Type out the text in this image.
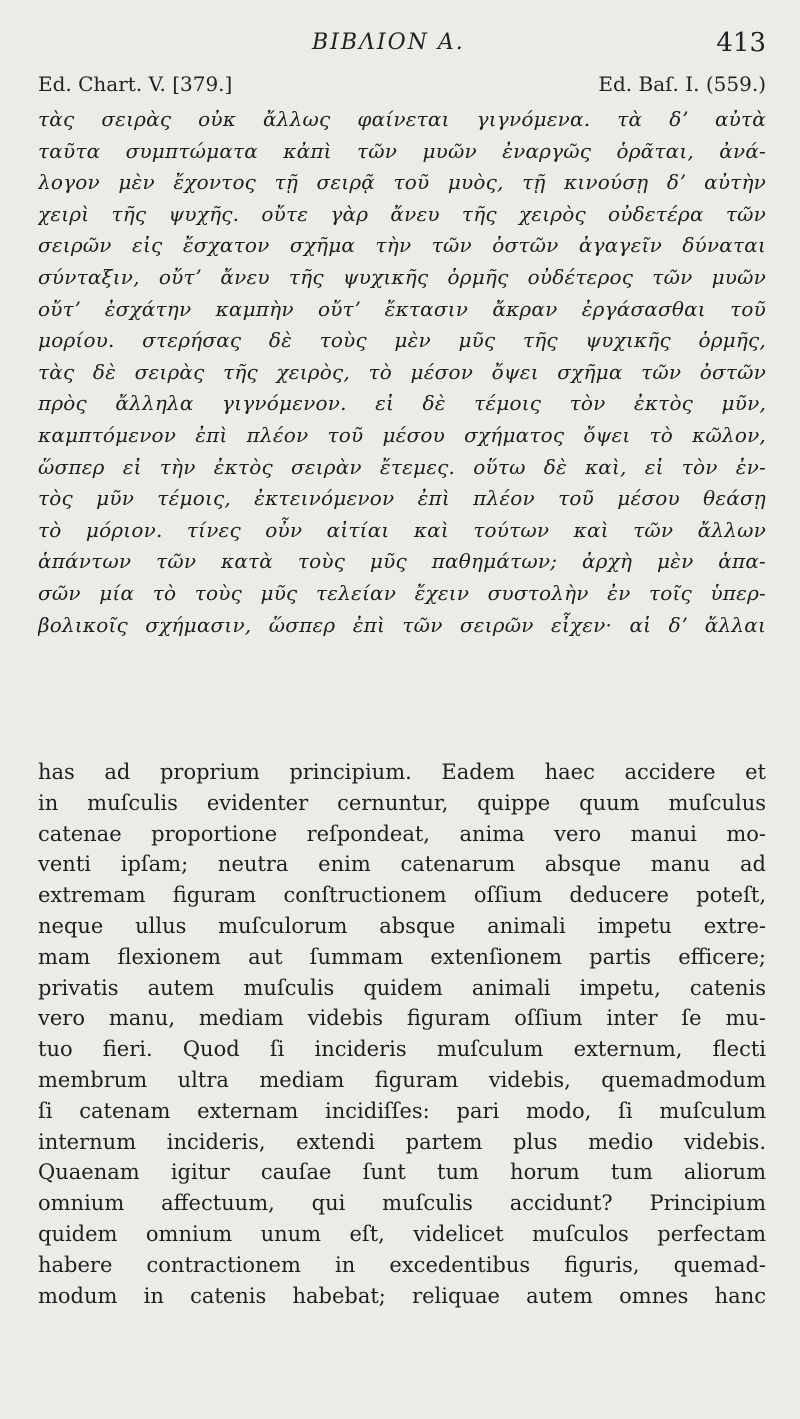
BIBΛΙΟΝ Α.	413
Ed. Chart. V. [379.]	Ed. Baſ. I. (559.)
τὰς σειρὰς οὐκ ἄλλως φαίνεται γιγνόμενα. τὰ δʼ αὐτὰ
ταῦτα συμπτώματα κἀπὶ τῶν μυῶν ἐναργῶς ὁρᾶται, ἀνά-
λογον μὲν ἔχοντος τῇ σειρᾷ τοῦ μυὸς, τῇ κινούσῃ δʼ αὐτὴν
χειρὶ τῆς ψυχῆς. οὔτε γὰρ ἄνευ τῆς χειρὸς οὐδετέρα τῶν
σειρῶν εἰς ἔσχατον σχῆμα τὴν τῶν ὀστῶν ἀγαγεῖν δύναται
σύνταξιν, οὔτʼ ἄνευ τῆς ψυχικῆς ὁρμῆς οὐδέτερος τῶν μυῶν
οὔτʼ ἐσχάτην καμπὴν οὔτʼ ἔκτασιν ἄκραν ἐργάσασθαι τοῦ
μορίου. στερήσας δὲ τοὺς μὲν μῦς τῆς ψυχικῆς ὁρμῆς,
τὰς δὲ σειρὰς τῆς χειρὸς, τὸ μέσον ὄψει σχῆμα τῶν ὀστῶν
πρὸς ἄλληλα γιγνόμενον. εἰ δὲ τέμοις τὸν ἐκτὸς μῦν,
καμπτόμενον ἐπὶ πλέον τοῦ μέσου σχήματος ὄψει τὸ κῶλον,
ὥσπερ εἰ τὴν ἐκτὸς σειρὰν ἔτεμες. οὕτω δὲ καὶ, εἰ τὸν ἐν-
τὸς μῦν τέμοις, ἐκτεινόμενον ἐπὶ πλέον τοῦ μέσου θεάσῃ
τὸ μόριον. τίνες οὖν αἰτίαι καὶ τούτων καὶ τῶν ἄλλων
ἁπάντων τῶν κατὰ τοὺς μῦς παθημάτων; ἀρχὴ μὲν ἁπα-
σῶν μία τὸ τοὺς μῦς τελείαν ἔχειν συστολὴν ἐν τοῖς ὑπερ-
βολικοῖς σχήμασιν, ὥσπερ ἐπὶ τῶν σειρῶν εἶχεν· αἱ δʼ ἄλλαι
has ad proprium principium. Eadem haec accidere et
in muſculis evidenter cernuntur, quippe quum muſculus
catenae proportione reſpondeat, anima vero manui mo-
venti ipſam; neutra enim catenarum absque manu ad
extremam figuram conſtructionem oſſium deducere poteſt,
neque ullus muſculorum absque animali impetu extre-
mam flexionem aut ſummam extenſionem partis efficere;
privatis autem muſculis quidem animali impetu, catenis
vero manu, mediam videbis figuram oſſium inter ſe mu-
tuo fieri. Quod ſi incideris muſculum externum, flecti
membrum ultra mediam figuram videbis, quemadmodum
ſi catenam externam incidiſſes: pari modo, ſi muſculum
internum incideris, extendi partem plus medio videbis.
Quaenam igitur cauſae ſunt tum horum tum aliorum
omnium affectuum, qui muſculis accidunt? Principium
quidem omnium unum eſt, videlicet muſculos perfectam
habere contractionem in excedentibus figuris, quemad-
modum in catenis habebat; reliquae autem omnes hanc
